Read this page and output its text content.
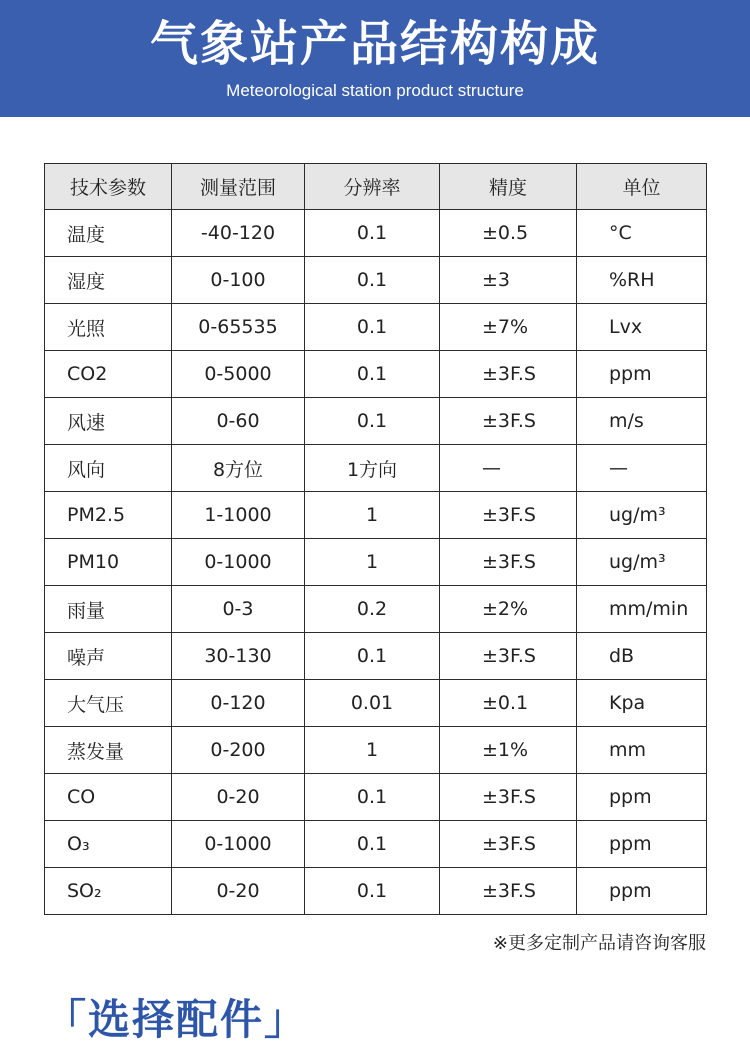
气象站产品结构构成
Meteorological station product structure
技术参数	测量范围	分辨率	精度	单位
温度	-40-120	0.1	±0.5	°C
湿度	0-100	0.1	±3	%RH
光照	0-65535	0.1	±7%	Lvx
CO2	0-5000	0.1	±3F.S	ppm
风速	0-60	0.1	±3F.S	m/s
风向	8方位	1方向	—	—
PM2.5	1-1000	1	±3F.S	ug/m³
PM10	0-1000	1	±3F.S	ug/m³
雨量	0-3	0.2	±2%	mm/min
噪声	30-130	0.1	±3F.S	dB
大气压	0-120	0.01	±0.1	Kpa
蒸发量	0-200	1	±1%	mm
CO	0-20	0.1	±3F.S	ppm
O₃	0-1000	0.1	±3F.S	ppm
SO₂	0-20	0.1	±3F.S	ppm
※更多定制产品请咨询客服
「选择配件」
